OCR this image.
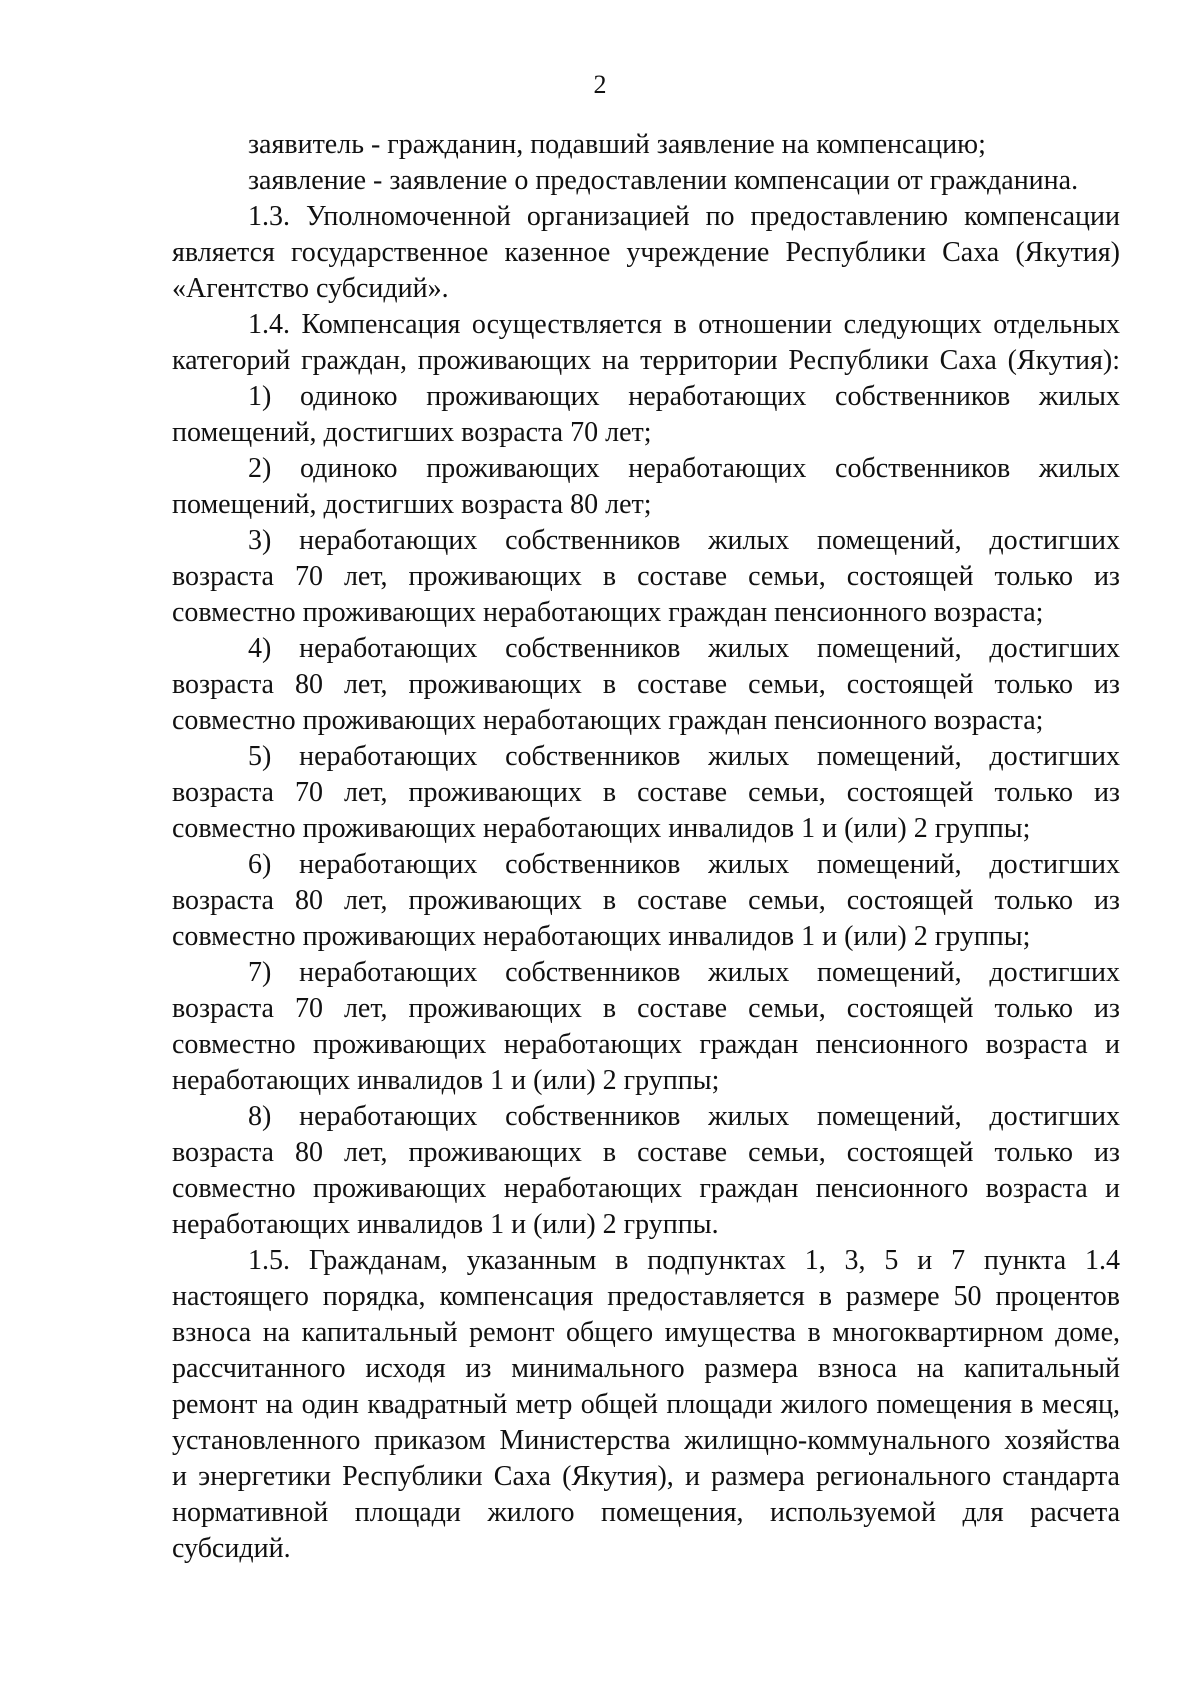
2
заявитель - гражданин, подавший заявление на компенсацию;
заявление - заявление о предоставлении компенсации от гражданина.
1.3. Уполномоченной организацией по предоставлению компенсации
является государственное казенное учреждение Республики Саха (Якутия)
«Агентство субсидий».
1.4. Компенсация осуществляется в отношении следующих отдельных
категорий граждан, проживающих на территории Республики Саха (Якутия):
1) одиноко проживающих неработающих собственников жилых
помещений, достигших возраста 70 лет;
2) одиноко проживающих неработающих собственников жилых
помещений, достигших возраста 80 лет;
3) неработающих собственников жилых помещений, достигших
возраста 70 лет, проживающих в составе семьи, состоящей только из
совместно проживающих неработающих граждан пенсионного возраста;
4) неработающих собственников жилых помещений, достигших
возраста 80 лет, проживающих в составе семьи, состоящей только из
совместно проживающих неработающих граждан пенсионного возраста;
5) неработающих собственников жилых помещений, достигших
возраста 70 лет, проживающих в составе семьи, состоящей только из
совместно проживающих неработающих инвалидов 1 и (или) 2 группы;
6) неработающих собственников жилых помещений, достигших
возраста 80 лет, проживающих в составе семьи, состоящей только из
совместно проживающих неработающих инвалидов 1 и (или) 2 группы;
7) неработающих собственников жилых помещений, достигших
возраста 70 лет, проживающих в составе семьи, состоящей только из
совместно проживающих неработающих граждан пенсионного возраста и
неработающих инвалидов 1 и (или) 2 группы;
8) неработающих собственников жилых помещений, достигших
возраста 80 лет, проживающих в составе семьи, состоящей только из
совместно проживающих неработающих граждан пенсионного возраста и
неработающих инвалидов 1 и (или) 2 группы.
1.5. Гражданам, указанным в подпунктах 1, 3, 5 и 7 пункта 1.4
настоящего порядка, компенсация предоставляется в размере 50 процентов
взноса на капитальный ремонт общего имущества в многоквартирном доме,
рассчитанного исходя из минимального размера взноса на капитальный
ремонт на один квадратный метр общей площади жилого помещения в месяц,
установленного приказом Министерства жилищно-коммунального хозяйства
и энергетики Республики Саха (Якутия), и размера регионального стандарта
нормативной площади жилого помещения, используемой для расчета
субсидий.
